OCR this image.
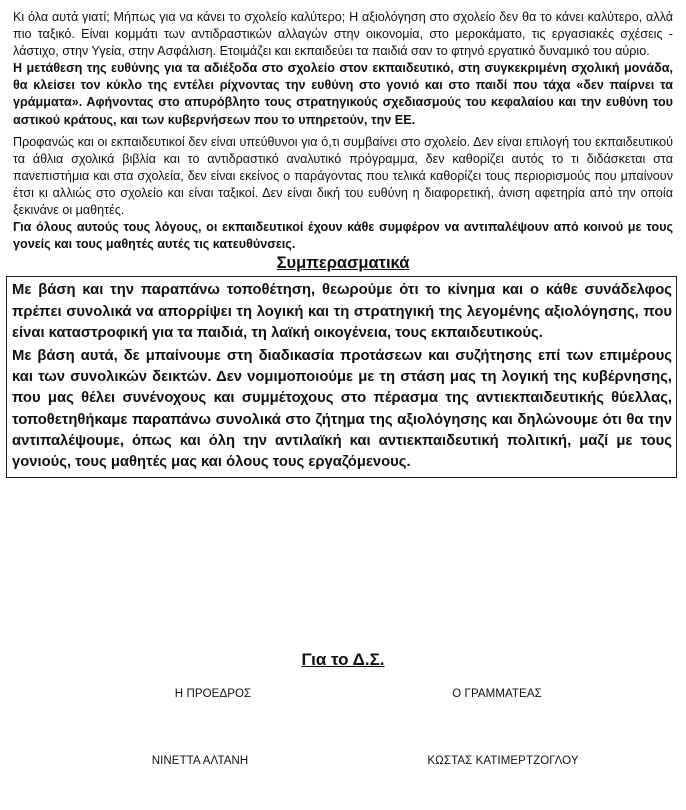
Κι όλα αυτά γιατί; Μήπως για να κάνει το σχολείο καλύτερο; Η αξιολόγηση στο σχολείο δεν θα το κάνει καλύτερο, αλλά πιο ταξικό. Είναι κομμάτι των αντιδραστικών αλλαγών στην οικονομία, στο μεροκάματο, τις εργασιακές σχέσεις - λάστιχο, στην Υγεία, στην Ασφάλιση. Ετοιμάζει και εκπαιδεύει τα παιδιά σαν το φτηνό εργατικό δυναμικό του αύριο.

Η μετάθεση της ευθύνης για τα αδιέξοδα στο σχολείο στον εκπαιδευτικό, στη συγκεκριμένη σχολική μονάδα, θα κλείσει τον κύκλο της εντέλει ρίχνοντας την ευθύνη στο γονιό και στο παιδί που τάχα «δεν παίρνει τα γράμματα». Αφήνοντας στο απυρόβλητο τους στρατηγικούς σχεδιασμούς του κεφαλαίου και την ευθύνη του αστικού κράτους, και των κυβερνήσεων που το υπηρετούν, την ΕΕ.

Προφανώς και οι εκπαιδευτικοί δεν είναι υπεύθυνοι για ό,τι συμβαίνει στο σχολείο. Δεν είναι επιλογή του εκπαιδευτικού τα άθλια σχολικά βιβλία και το αντιδραστικό αναλυτικό πρόγραμμα, δεν καθορίζει αυτός το τι διδάσκεται στα πανεπιστήμια και στα σχολεία, δεν είναι εκείνος ο παράγοντας που τελικά καθορίζει τους περιορισμούς που μπαίνουν έτσι κι αλλιώς στο σχολείο και είναι ταξικοί. Δεν είναι δική του ευθύνη η διαφορετική, άνιση αφετηρία από την οποία ξεκινάνε οι μαθητές.

Για όλους αυτούς τους λόγους, οι εκπαιδευτικοί έχουν κάθε συμφέρον να αντιπαλέψουν από κοινού με τους γονείς και τους μαθητές αυτές τις κατευθύνσεις.

Συμπερασματικά

Με βάση και την παραπάνω τοποθέτηση, θεωρούμε ότι το κίνημα και ο κάθε συνάδελφος πρέπει συνολικά να απορρίψει τη λογική και τη στρατηγική της λεγομένης αξιολόγησης, που είναι καταστροφική για τα παιδιά, τη λαϊκή οικογένεια, τους εκπαιδευτικούς.

Με βάση αυτά, δε μπαίνουμε στη διαδικασία προτάσεων και συζήτησης επί των επιμέρους και των συνολικών δεικτών. Δεν νομιμοποιούμε με τη στάση μας τη λογική της κυβέρνησης, που μας θέλει συνένοχους και συμμέτοχους στο πέρασμα της αντιεκπαιδευτικής θύελλας, τοποθετηθήκαμε παραπάνω συνολικά στο ζήτημα της αξιολόγησης και δηλώνουμε ότι θα την αντιπαλέψουμε, όπως και όλη την αντιλαϊκή και αντιεκπαιδευτική πολιτική, μαζί με τους γονιούς, τους μαθητές μας και όλους τους εργαζόμενους.

Για το Δ.Σ.
Η ΠΡΟΕΔΡΟΣ	Ο ΓΡΑΜΜΑΤΕΑΣ
ΝΙΝΕΤΤΑ ΑΛΤΑΝΗ	ΚΩΣΤΑΣ ΚΑΤΙΜΕΡΤΖΟΓΛΟΥ
